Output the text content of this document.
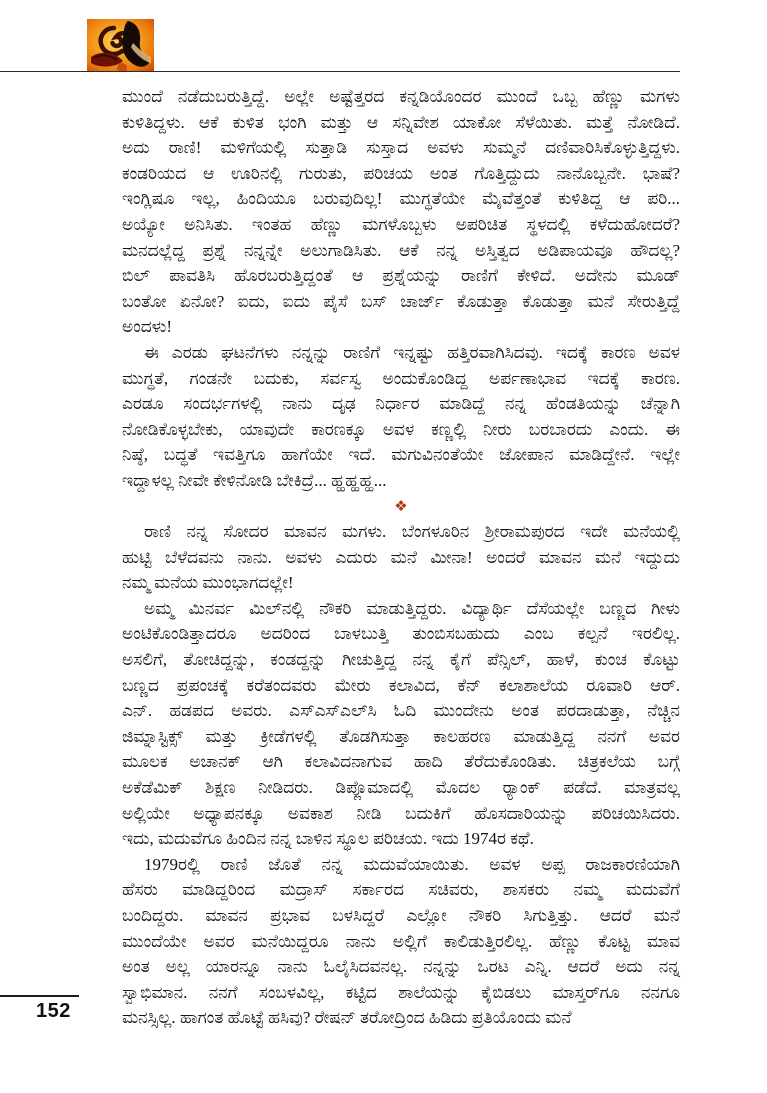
ಮುಂದೆ ನಡೆದುಬರುತ್ತಿದ್ದೆ. ಅಲ್ಲೇ ಅಷ್ಟೆತ್ತರದ ಕನ್ನಡಿಯೊಂದರ ಮುಂದೆ ಒಬ್ಬ ಹೆಣ್ಣು ಮಗಳು
ಕುಳಿತಿದ್ದಳು. ಆಕೆ ಕುಳಿತ ಭಂಗಿ ಮತ್ತು ಆ ಸನ್ನಿವೇಶ ಯಾಕೋ ಸೆಳೆಯಿತು. ಮತ್ತೆ ನೋಡಿದೆ.
ಅದು ರಾಣಿ! ಮಳಿಗೆಯಲ್ಲಿ ಸುತ್ತಾಡಿ ಸುಸ್ತಾದ ಅವಳು ಸುಮ್ಮನೆ ದಣಿವಾರಿಸಿಕೊಳ್ಳುತ್ತಿದ್ದಳು.
ಕಂಡರಿಯದ ಆ ಊರಿನಲ್ಲಿ ಗುರುತು, ಪರಿಚಯ ಅಂತ ಗೊತ್ತಿದ್ದುದು ನಾನೊಬ್ಬನೇ. ಭಾಷೆ?
ಇಂಗ್ಲಿಷೂ ಇಲ್ಲ, ಹಿಂದಿಯೂ ಬರುವುದಿಲ್ಲ! ಮುಗ್ಧತೆಯೇ ಮೈವೆತ್ತಂತೆ ಕುಳಿತಿದ್ದ ಆ ಪರಿ...
ಅಯ್ಯೋ ಅನಿಸಿತು. ಇಂತಹ ಹೆಣ್ಣು ಮಗಳೊಬ್ಬಳು ಅಪರಿಚಿತ ಸ್ಥಳದಲ್ಲಿ ಕಳೆದುಹೋದರೆ?
ಮನದಲ್ಲೆದ್ದ ಪ್ರಶ್ನೆ ನನ್ನನ್ನೇ ಅಲುಗಾಡಿಸಿತು. ಆಕೆ ನನ್ನ ಅಸ್ತಿತ್ವದ ಅಡಿಪಾಯವೂ ಹೌದಲ್ಲ?
ಬಿಲ್ ಪಾವತಿಸಿ ಹೊರಬರುತ್ತಿದ್ದಂತೆ ಆ ಪ್ರಶ್ನೆಯನ್ನು ರಾಣಿಗೆ ಕೇಳಿದೆ. ಅದೇನು ಮೂಡ್
ಬಂತೋ ಏನೋ? ಐದು, ಐದು ಪೈಸೆ ಬಸ್ ಚಾರ್ಜ್ ಕೊಡುತ್ತಾ ಕೊಡುತ್ತಾ ಮನೆ ಸೇರುತ್ತಿದ್ದೆ
ಅಂದಳು!
ಈ ಎರಡು ಘಟನೆಗಳು ನನ್ನನ್ನು ರಾಣಿಗೆ ಇನ್ನಷ್ಟು ಹತ್ತಿರವಾಗಿಸಿದವು. ಇದಕ್ಕೆ ಕಾರಣ ಅವಳ
ಮುಗ್ಧತೆ, ಗಂಡನೇ ಬದುಕು, ಸರ್ವಸ್ವ ಅಂದುಕೊಂಡಿದ್ದ ಅರ್ಪಣಾಭಾವ ಇದಕ್ಕೆ ಕಾರಣ.
ಎರಡೂ ಸಂದರ್ಭಗಳಲ್ಲಿ ನಾನು ದೃಢ ನಿರ್ಧಾರ ಮಾಡಿದ್ದೆ ನನ್ನ ಹೆಂಡತಿಯನ್ನು ಚೆನ್ನಾಗಿ
ನೋಡಿಕೊಳ್ಳಬೇಕು, ಯಾವುದೇ ಕಾರಣಕ್ಕೂ ಅವಳ ಕಣ್ಣಲ್ಲಿ ನೀರು ಬರಬಾರದು ಎಂದು. ಈ
ನಿಷ್ಠೆ, ಬದ್ಧತೆ ಇವತ್ತಿಗೂ ಹಾಗೆಯೇ ಇದೆ. ಮಗುವಿನಂತೆಯೇ ಜೋಪಾನ ಮಾಡಿದ್ದೇನೆ. ಇಲ್ಲೇ
ಇದ್ದಾಳಲ್ಲ ನೀವೇ ಕೇಳಿನೋಡಿ ಬೇಕಿದ್ರೆ... ಹ್ಹಹ್ಹಹ್ಹ...
❖
ರಾಣಿ ನನ್ನ ಸೋದರ ಮಾವನ ಮಗಳು. ಬೆಂಗಳೂರಿನ ಶ್ರೀರಾಮಪುರದ ಇದೇ ಮನೆಯಲ್ಲಿ
ಹುಟ್ಟಿ ಬೆಳೆದವನು ನಾನು. ಅವಳು ಎದುರು ಮನೆ ಮೀನಾ! ಅಂದರೆ ಮಾವನ ಮನೆ ಇದ್ದುದು
ನಮ್ಮ ಮನೆಯ ಮುಂಭಾಗದಲ್ಲೇ!
ಅಮ್ಮ ಮಿನರ್ವ ಮಿಲ್‌ನಲ್ಲಿ ನೌಕರಿ ಮಾಡುತ್ತಿದ್ದರು. ವಿದ್ಯಾರ್ಥಿ ದೆಸೆಯಲ್ಲೇ ಬಣ್ಣದ ಗೀಳು
ಅಂಟಿಕೊಂಡಿತ್ತಾದರೂ ಅದರಿಂದ ಬಾಳಬುತ್ತಿ ತುಂಬಿಸಬಹುದು ಎಂಬ ಕಲ್ಪನೆ ಇರಲಿಲ್ಲ.
ಅಸಲಿಗೆ, ತೋಚಿದ್ದನ್ನು, ಕಂಡದ್ದನ್ನು ಗೀಚುತ್ತಿದ್ದ ನನ್ನ ಕೈಗೆ ಪೆನ್ಸಿಲ್, ಹಾಳೆ, ಕುಂಚ ಕೊಟ್ಟು
ಬಣ್ಣದ ಪ್ರಪಂಚಕ್ಕೆ ಕರೆತಂದವರು ಮೇರು ಕಲಾವಿದ, ಕೆನ್ ಕಲಾಶಾಲೆಯ ರೂವಾರಿ ಆರ್.
ಎನ್. ಹಡಪದ ಅವರು. ಎಸ್‌ಎಸ್‌ಎಲ್‌ಸಿ ಓದಿ ಮುಂದೇನು ಅಂತ ಪರದಾಡುತ್ತಾ, ನೆಚ್ಚಿನ
ಜಿಮ್ನಾಸ್ಟಿಕ್ಸ್ ಮತ್ತು ಕ್ರೀಡೆಗಳಲ್ಲಿ ತೊಡಗಿಸುತ್ತಾ ಕಾಲಹರಣ ಮಾಡುತ್ತಿದ್ದ ನನಗೆ ಅವರ
ಮೂಲಕ ಅಚಾನಕ್ ಆಗಿ ಕಲಾವಿದನಾಗುವ ಹಾದಿ ತೆರೆದುಕೊಂಡಿತು. ಚಿತ್ರಕಲೆಯ ಬಗ್ಗೆ
ಅಕೆಡೆಮಿಕ್ ಶಿಕ್ಷಣ ನೀಡಿದರು. ಡಿಪ್ಲೊಮಾದಲ್ಲಿ ಮೊದಲ ರ‍್ಯಾಂಕ್ ಪಡೆದೆ. ಮಾತ್ರವಲ್ಲ
ಅಲ್ಲಿಯೇ ಅಧ್ಯಾಪನಕ್ಕೂ ಅವಕಾಶ ನೀಡಿ ಬದುಕಿಗೆ ಹೊಸದಾರಿಯನ್ನು ಪರಿಚಯಿಸಿದರು.
ಇದು, ಮದುವೆಗೂ ಹಿಂದಿನ ನನ್ನ ಬಾಳಿನ ಸ್ಥೂಲ ಪರಿಚಯ. ಇದು 1974ರ ಕಥೆ.
1979ರಲ್ಲಿ ರಾಣಿ ಜೊತೆ ನನ್ನ ಮದುವೆಯಾಯಿತು. ಅವಳ ಅಪ್ಪ ರಾಜಕಾರಣಿಯಾಗಿ
ಹೆಸರು ಮಾಡಿದ್ದರಿಂದ ಮದ್ರಾಸ್ ಸರ್ಕಾರದ ಸಚಿವರು, ಶಾಸಕರು ನಮ್ಮ ಮದುವೆಗೆ
ಬಂದಿದ್ದರು. ಮಾವನ ಪ್ರಭಾವ ಬಳಸಿದ್ದರೆ ಎಲ್ಲೋ ನೌಕರಿ ಸಿಗುತ್ತಿತ್ತು. ಆದರೆ ಮನೆ
ಮುಂದೆಯೇ ಅವರ ಮನೆಯಿದ್ದರೂ ನಾನು ಅಲ್ಲಿಗೆ ಕಾಲಿಡುತ್ತಿರಲಿಲ್ಲ. ಹೆಣ್ಣು ಕೊಟ್ಟ ಮಾವ
ಅಂತ ಅಲ್ಲ ಯಾರನ್ನೂ ನಾನು ಓಲೈಸಿದವನಲ್ಲ. ನನ್ನನ್ನು ಒರಟ ಎನ್ನಿ. ಆದರೆ ಅದು ನನ್ನ
ಸ್ವಾಭಿಮಾನ. ನನಗೆ ಸಂಬಳವಿಲ್ಲ, ಕಟ್ಟಿದ ಶಾಲೆಯನ್ನು ಕೈಬಿಡಲು ಮಾಸ್ತರ್‌ಗೂ ನನಗೂ
ಮನಸ್ಸಿಲ್ಲ. ಹಾಗಂತ ಹೊಟ್ಟೆ ಹಸಿವು? ರೇಷನ್ ತರೋದ್ರಿಂದ ಹಿಡಿದು ಪ್ರತಿಯೊಂದು ಮನೆ
152
